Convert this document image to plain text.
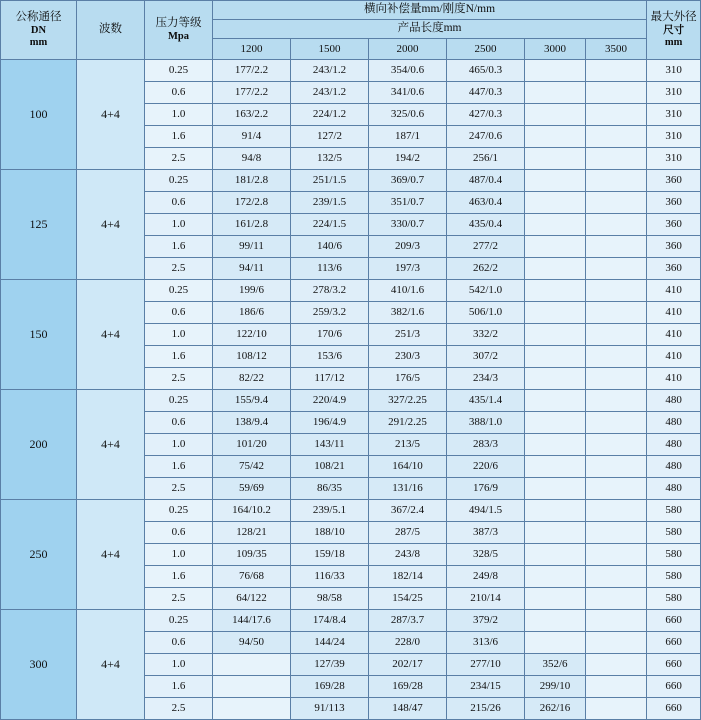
公称通径
DN
mm	波数	压力等级
Mpa	横向补偿量mm/刚度N/mm						最大外径
尺寸
mm

			产品长度mm						
			1200	1500	2000	2500	3000	3500	
100	4+4	0.25	177/2.2	243/1.2	354/0.6	465/0.3			310
		0.6	177/2.2	243/1.2	341/0.6	447/0.3			310
		1.0	163/2.2	224/1.2	325/0.6	427/0.3			310
		1.6	91/4	127/2	187/1	247/0.6			310
		2.5	94/8	132/5	194/2	256/1			310
125	4+4	0.25	181/2.8	251/1.5	369/0.7	487/0.4			360
		0.6	172/2.8	239/1.5	351/0.7	463/0.4			360
		1.0	161/2.8	224/1.5	330/0.7	435/0.4			360
		1.6	99/11	140/6	209/3	277/2			360
		2.5	94/11	113/6	197/3	262/2			360
150	4+4	0.25	199/6	278/3.2	410/1.6	542/1.0			410
		0.6	186/6	259/3.2	382/1.6	506/1.0			410
		1.0	122/10	170/6	251/3	332/2			410
		1.6	108/12	153/6	230/3	307/2			410
		2.5	82/22	117/12	176/5	234/3			410
200	4+4	0.25	155/9.4	220/4.9	327/2.25	435/1.4			480
		0.6	138/9.4	196/4.9	291/2.25	388/1.0			480
		1.0	101/20	143/11	213/5	283/3			480
		1.6	75/42	108/21	164/10	220/6			480
		2.5	59/69	86/35	131/16	176/9			480
250	4+4	0.25	164/10.2	239/5.1	367/2.4	494/1.5			580
		0.6	128/21	188/10	287/5	387/3			580
		1.0	109/35	159/18	243/8	328/5			580
		1.6	76/68	116/33	182/14	249/8			580
		2.5	64/122	98/58	154/25	210/14			580
300	4+4	0.25	144/17.6	174/8.4	287/3.7	379/2			660
		0.6	94/50	144/24	228/0	313/6			660
		1.0		127/39	202/17	277/10	352/6		660
		1.6		169/28	169/28	234/15	299/10		660
		2.5		91/113	148/47	215/26	262/16		660
